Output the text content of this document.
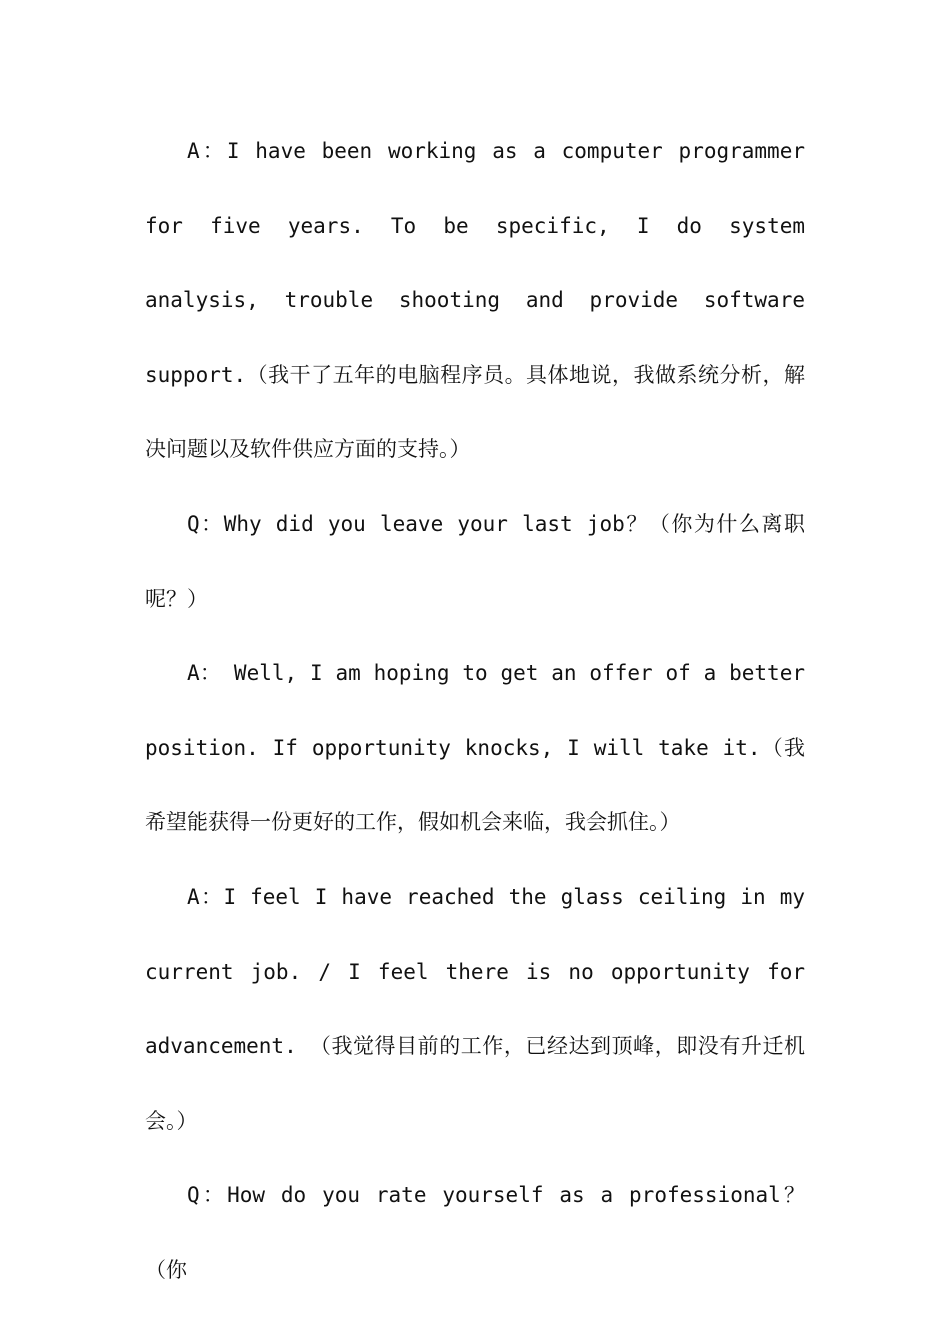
A：I have been working as a computer programmer for five years. To be specific, I do system analysis, trouble shooting and provide software support.（我干了五年的电脑程序员。具体地说，我做系统分析，解决问题以及软件供应方面的支持。）

Q：Why did you leave your last job？（你为什么离职呢？）

A： Well, I am hoping to get an offer of a better position. If opportunity knocks, I will take it.（我希望能获得一份更好的工作，假如机会来临，我会抓住。）

A：I feel I have reached the glass ceiling in my current job. / I feel there is no opportunity for advancement. （我觉得目前的工作，已经达到顶峰，即没有升迁机会。）

Q：How do you rate yourself as a professional？（你
